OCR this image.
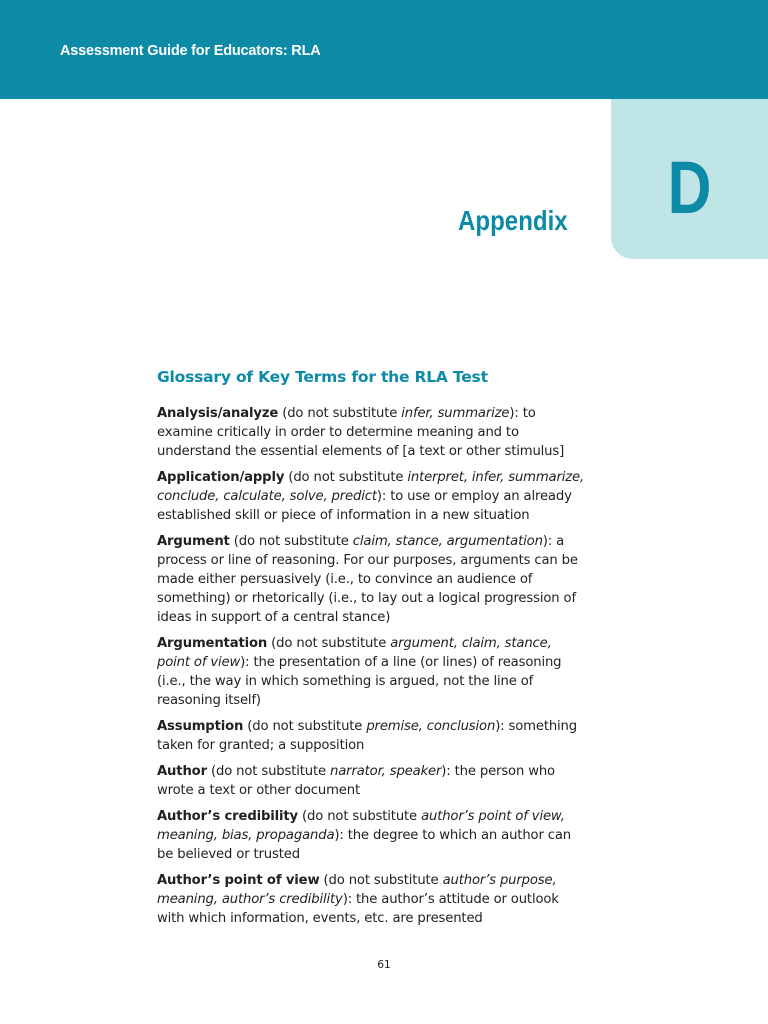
Assessment Guide for Educators: RLA
D
Appendix
Glossary of Key Terms for the RLA Test
Analysis/analyze (do not substitute infer, summarize): to examine critically in order to determine meaning and to understand the essential elements of [a text or other stimulus]
Application/apply (do not substitute interpret, infer, summarize, conclude, calculate, solve, predict): to use or employ an already established skill or piece of information in a new situation
Argument (do not substitute claim, stance, argumentation): a process or line of reasoning. For our purposes, arguments can be made either persuasively (i.e., to convince an audience of something) or rhetorically (i.e., to lay out a logical progression of ideas in support of a central stance)
Argumentation (do not substitute argument, claim, stance, point of view): the presentation of a line (or lines) of reasoning (i.e., the way in which something is argued, not the line of reasoning itself)
Assumption (do not substitute premise, conclusion): something taken for granted; a supposition
Author (do not substitute narrator, speaker): the person who wrote a text or other document
Author’s credibility (do not substitute author’s point of view, meaning, bias, propaganda): the degree to which an author can be believed or trusted
Author’s point of view (do not substitute author’s purpose, meaning, author’s credibility): the author’s attitude or outlook with which information, events, etc. are presented
61
